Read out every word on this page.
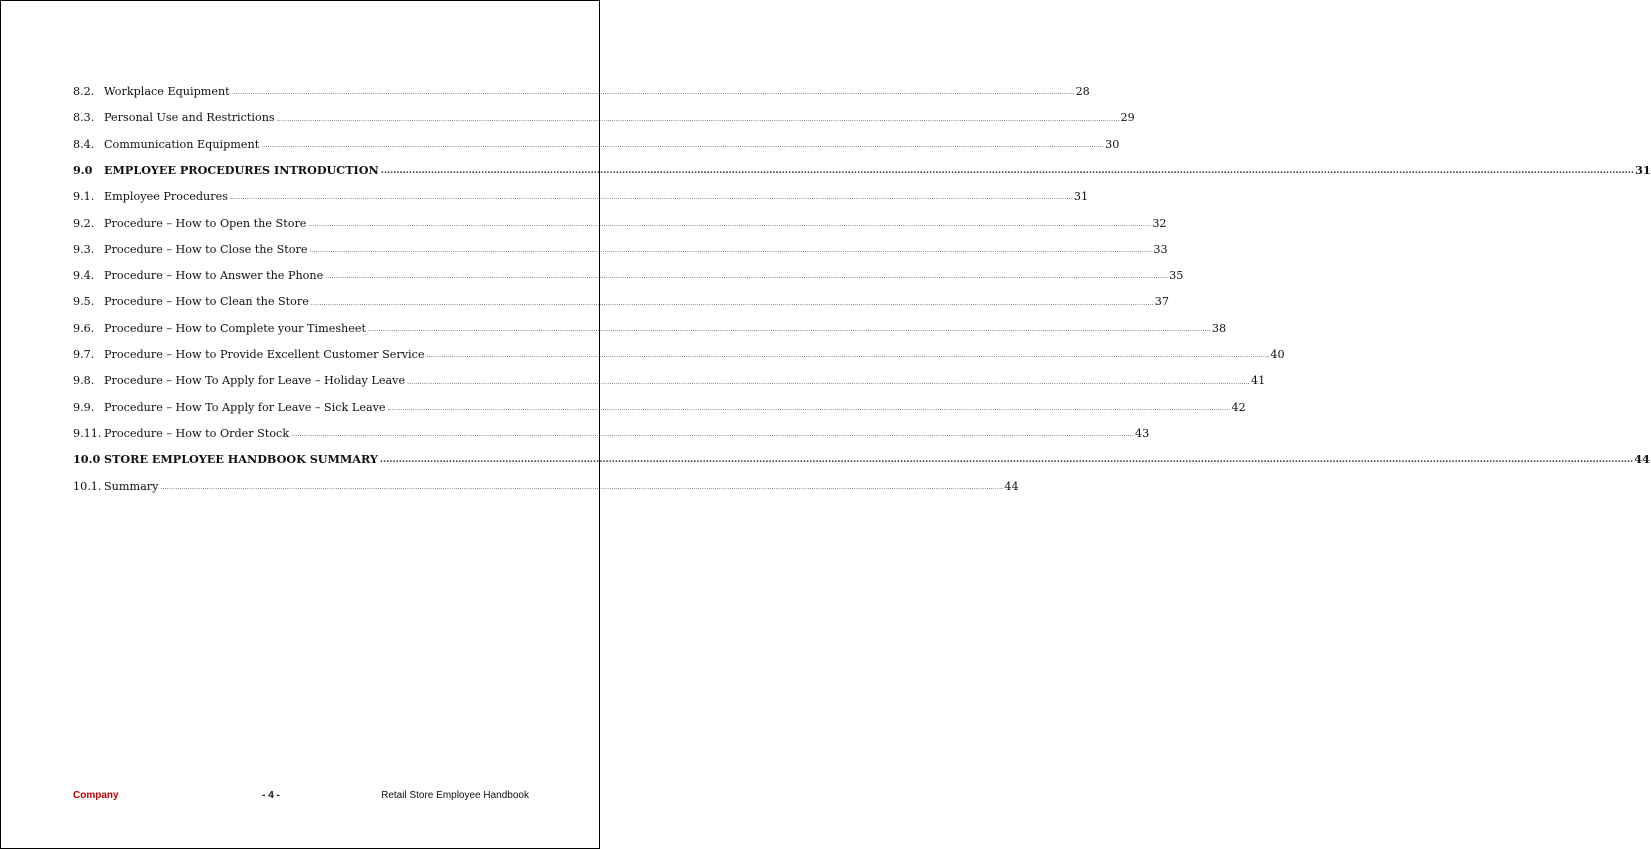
8.2. Workplace Equipment ................................................................................................................................................................................................................................................................................................................................................................................................................ 28
8.3. Personal Use and Restrictions ................................................................................................................................................................................................................................................................................................................................................................................................................ 29
8.4. Communication Equipment ................................................................................................................................................................................................................................................................................................................................................................................................................ 30
9.0	EMPLOYEE PROCEDURES INTRODUCTION ................................................................................................................................................................................................................................................................................................................................................................................................................ 31
9.1. Employee Procedures ................................................................................................................................................................................................................................................................................................................................................................................................................ 31
9.2. Procedure – How to Open the Store ................................................................................................................................................................................................................................................................................................................................................................................................................ 32
9.3. Procedure – How to Close the Store ................................................................................................................................................................................................................................................................................................................................................................................................................ 33
9.4. Procedure – How to Answer the Phone ................................................................................................................................................................................................................................................................................................................................................................................................................ 35
9.5. Procedure – How to Clean the Store ................................................................................................................................................................................................................................................................................................................................................................................................................ 37
9.6. Procedure – How to Complete your Timesheet ................................................................................................................................................................................................................................................................................................................................................................................................................ 38
9.7. Procedure – How to Provide Excellent Customer Service ................................................................................................................................................................................................................................................................................................................................................................................................................ 40
9.8. Procedure – How To Apply for Leave – Holiday Leave ................................................................................................................................................................................................................................................................................................................................................................................................................ 41
9.9. Procedure – How To Apply for Leave – Sick Leave ................................................................................................................................................................................................................................................................................................................................................................................................................ 42
9.11. Procedure – How to Order Stock ................................................................................................................................................................................................................................................................................................................................................................................................................ 43
10.0 STORE EMPLOYEE HANDBOOK SUMMARY ................................................................................................................................................................................................................................................................................................................................................................................................................ 44
10.1. Summary ................................................................................................................................................................................................................................................................................................................................................................................................................ 44
Company	- 4 -	Retail Store Employee Handbook
